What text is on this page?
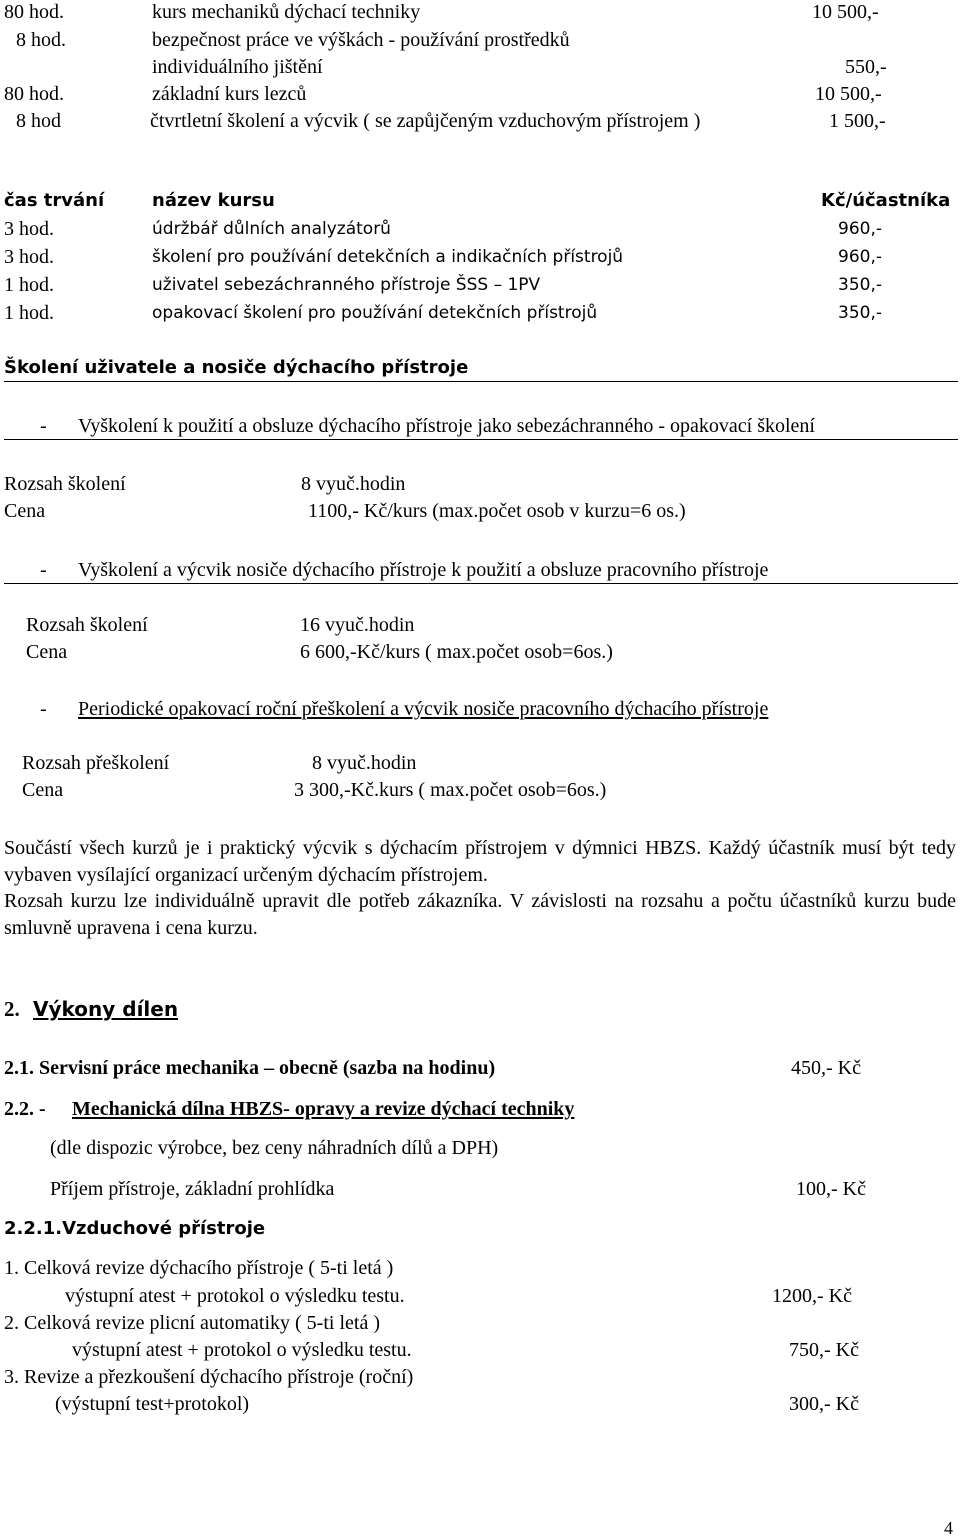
80 hod.	kurs mechaniků dýchací techniky	10 500,-
8 hod.	bezpečnost práce ve výškách - používání prostředků
individuálního jištění	550,-
80 hod.	základní kurs lezců	10 500,-
8 hod	čtvrtletní školení a výcvik ( se zapůjčeným vzduchovým přístrojem )	1 500,-
čas trvání	název kursu	Kč/účastníka
3 hod.	údržbář důlních analyzátorů	960,-
3 hod.	školení pro používání detekčních a indikačních přístrojů	960,-
1 hod.	uživatel sebezáchranného přístroje ŠSS – 1PV	350,-
1 hod.	opakovací školení pro používání detekčních přístrojů	350,-
Školení uživatele a nosiče dýchacího přístroje
- Vyškolení k použití a obsluze dýchacího přístroje jako sebezáchranného - opakovací školení
Rozsah školení	8 vyuč.hodin
Cena	1100,- Kč/kurs (max.počet osob v kurzu=6 os.)
- Vyškolení a výcvik nosiče dýchacího přístroje k použití a obsluze pracovního přístroje
Rozsah školení	16 vyuč.hodin
Cena	6 600,-Kč/kurs ( max.počet osob=6os.)
- Periodické opakovací roční přeškolení a výcvik nosiče pracovního dýchacího přístroje
Rozsah přeškolení	8 vyuč.hodin
Cena	3 300,-Kč.kurs ( max.počet osob=6os.)
Součástí všech kurzů je i praktický výcvik s dýchacím přístrojem v dýmnici HBZS. Každý účastník musí být tedy vybaven vysílající organizací určeným dýchacím přístrojem.
Rozsah kurzu lze individuálně upravit dle potřeb zákazníka. V závislosti na rozsahu a počtu účastníků kurzu bude smluvně upravena i cena kurzu.
2. Výkony dílen
2.1. Servisní práce mechanika – obecně (sazba na hodinu)	450,- Kč
2.2. - Mechanická dílna HBZS- opravy a revize dýchací techniky
(dle dispozic výrobce, bez ceny náhradních dílů a DPH)
Příjem přístroje, základní prohlídka	100,- Kč
2.2.1.Vzduchové přístroje
1. Celková revize dýchacího přístroje ( 5-ti letá )
výstupní atest + protokol o výsledku testu.	1200,- Kč
2. Celková revize plicní automatiky ( 5-ti letá )
výstupní atest + protokol o výsledku testu.	750,- Kč
3. Revize a přezkoušení dýchacího přístroje (roční)
(výstupní test+protokol)	300,- Kč
4
